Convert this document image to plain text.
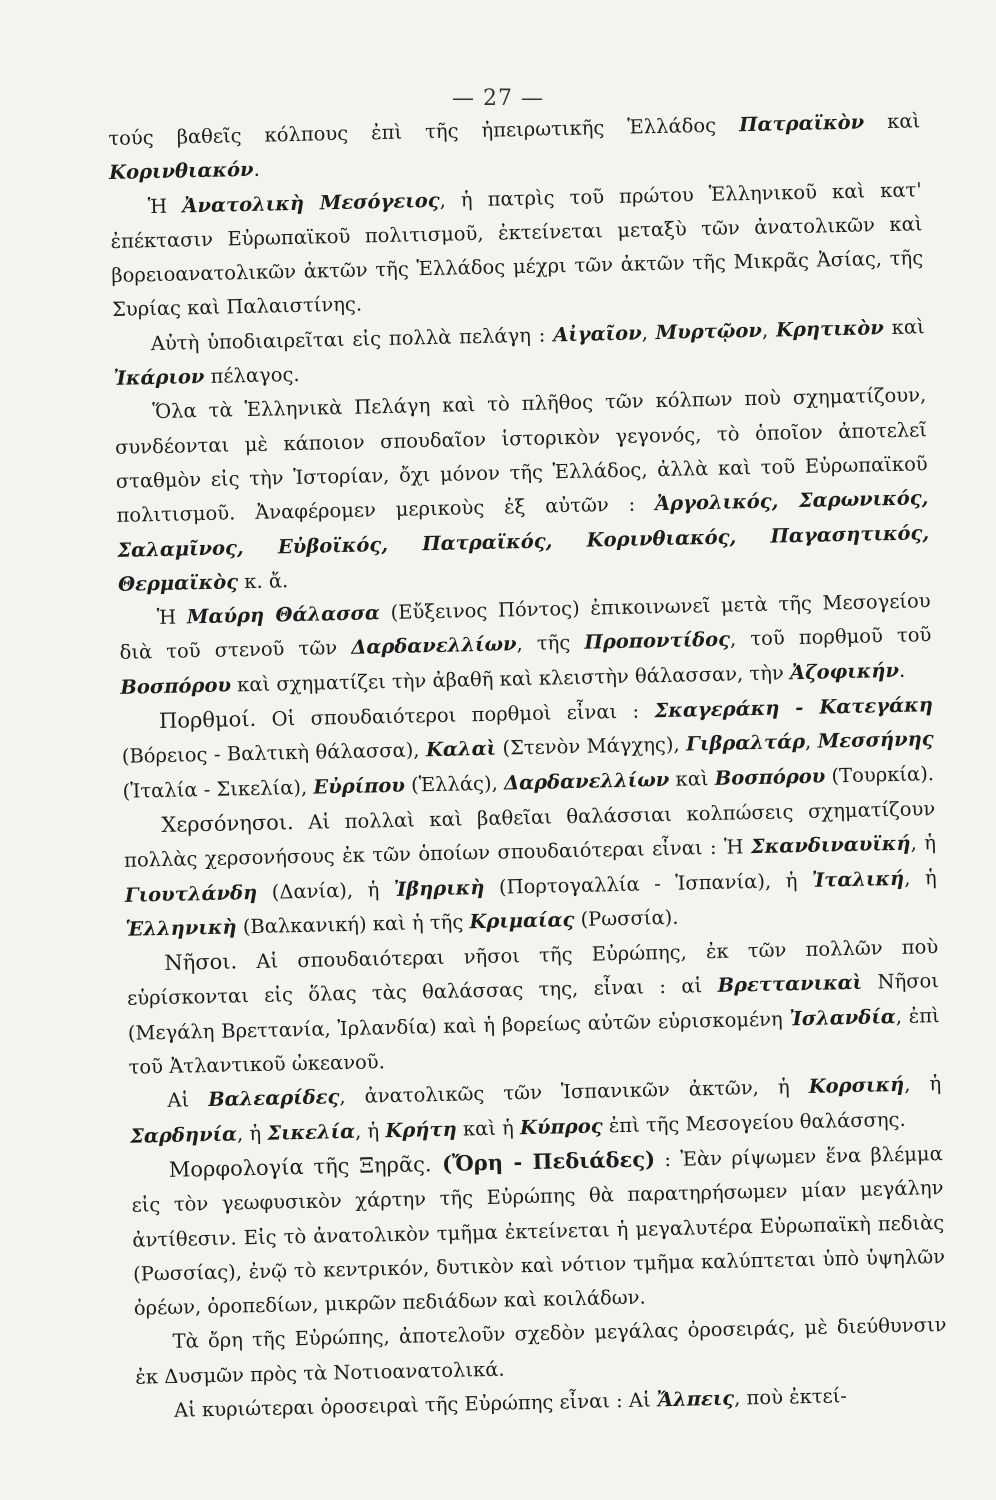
— 27 —

τούς βαθεῖς κόλπους ἐπὶ τῆς ἠπειρωτικῆς Ἑλλάδος Πατραϊκὸν καὶ Κορινθιακόν.

Ἡ Ἀνατολικὴ Μεσόγειος, ἡ πατρὶς τοῦ πρώτου Ἑλληνικοῦ καὶ κατ' ἐπέκτασιν Εὐρωπαϊκοῦ πολιτισμοῦ, ἐκτείνεται μεταξὺ τῶν ἀνατολικῶν καὶ βορειοανατολικῶν ἀκτῶν τῆς Ἑλλάδος μέχρι τῶν ἀκτῶν τῆς Μικρᾶς Ἀσίας, τῆς Συρίας καὶ Παλαιστίνης.

Αὐτὴ ὑποδιαιρεῖται εἰς πολλὰ πελάγη : Αἰγαῖον, Μυρτῷον, Κρητικὸν καὶ Ἰκάριον πέλαγος.

Ὅλα τὰ Ἑλληνικὰ Πελάγη καὶ τὸ πλῆθος τῶν κόλπων ποὺ σχηματίζουν, συνδέονται μὲ κάποιον σπουδαῖον ἱστορικὸν γεγονός, τὸ ὁποῖον ἀποτελεῖ σταθμὸν εἰς τὴν Ἱστορίαν, ὄχι μόνον τῆς Ἑλλάδος, ἀλλὰ καὶ τοῦ Εὐρωπαϊκοῦ πολιτισμοῦ. Ἀναφέρομεν μερικοὺς ἐξ αὐτῶν : Ἀργολικός, Σαρωνικός, Σαλαμῖνος, Εὐβοϊκός, Πατραϊκός, Κορινθιακός, Παγασητικός, Θερμαϊκὸς κ. ἄ.

Ἡ Μαύρη Θάλασσα (Εὔξεινος Πόντος) ἐπικοινωνεῖ μετὰ τῆς Μεσογείου διὰ τοῦ στενοῦ τῶν Δαρδανελλίων, τῆς Προποντίδος, τοῦ πορθμοῦ τοῦ Βοσπόρου καὶ σχηματίζει τὴν ἀβαθῆ καὶ κλειστὴν θάλασσαν, τὴν Ἀζοφικήν.

Πορθμοί. Οἱ σπουδαιότεροι πορθμοὶ εἶναι : Σκαγεράκη - Κατεγάκη (Βόρειος - Βαλτικὴ θάλασσα), Καλαὶ (Στενὸν Μάγχης), Γιβραλτάρ, Μεσσήνης (Ἰταλία - Σικελία), Εὐρίπου (Ἑλλάς), Δαρδανελλίων καὶ Βοσπόρου (Τουρκία).

Χερσόνησοι. Αἱ πολλαὶ καὶ βαθεῖαι θαλάσσιαι κολπώσεις σχηματίζουν πολλὰς χερσονήσους ἐκ τῶν ὁποίων σπουδαιότεραι εἶναι : Ἡ Σκανδιναυϊκή, ἡ Γιουτλάνδη (Δανία), ἡ Ἰβηρικὴ (Πορτογαλλία - Ἱσπανία), ἡ Ἰταλική, ἡ Ἑλληνικὴ (Βαλκανική) καὶ ἡ τῆς Κριμαίας (Ρωσσία).

Νῆσοι. Αἱ σπουδαιότεραι νῆσοι τῆς Εὐρώπης, ἐκ τῶν πολλῶν ποὺ εὑρίσκονται εἰς ὅλας τὰς θαλάσσας της, εἶναι : αἱ Βρεττανικαὶ Νῆσοι (Μεγάλη Βρεττανία, Ἰρλανδία) καὶ ἡ βορείως αὐτῶν εὑρισκομένη Ἰσλανδία, ἐπὶ τοῦ Ἀτλαντικοῦ ὠκεανοῦ.

Αἱ Βαλεαρίδες, ἀνατολικῶς τῶν Ἱσπανικῶν ἀκτῶν, ἡ Κορσική, ἡ Σαρδηνία, ἡ Σικελία, ἡ Κρήτη καὶ ἡ Κύπρος ἐπὶ τῆς Μεσογείου θαλάσσης.

Μορφολογία τῆς Ξηρᾶς. (Ὄρη - Πεδιάδες) : Ἐὰν ρίψωμεν ἕνα βλέμμα εἰς τὸν γεωφυσικὸν χάρτην τῆς Εὐρώπης θὰ παρατηρήσωμεν μίαν μεγάλην ἀντίθεσιν. Εἰς τὸ ἀνατολικὸν τμῆμα ἐκτείνεται ἡ μεγαλυτέρα Εὐρωπαϊκὴ πεδιὰς (Ρωσσίας), ἐνῷ τὸ κεντρικόν, δυτικὸν καὶ νότιον τμῆμα καλύπτεται ὑπὸ ὑψηλῶν ὀρέων, ὀροπεδίων, μικρῶν πεδιάδων καὶ κοιλάδων.

Τὰ ὄρη τῆς Εὐρώπης, ἀποτελοῦν σχεδὸν μεγάλας ὀροσειράς, μὲ διεύθυνσιν ἐκ Δυσμῶν πρὸς τὰ Νοτιοανατολικά.

Αἱ κυριώτεραι ὀροσειραὶ τῆς Εὐρώπης εἶναι : Αἱ Ἄλπεις, ποὺ ἐκτεί-
